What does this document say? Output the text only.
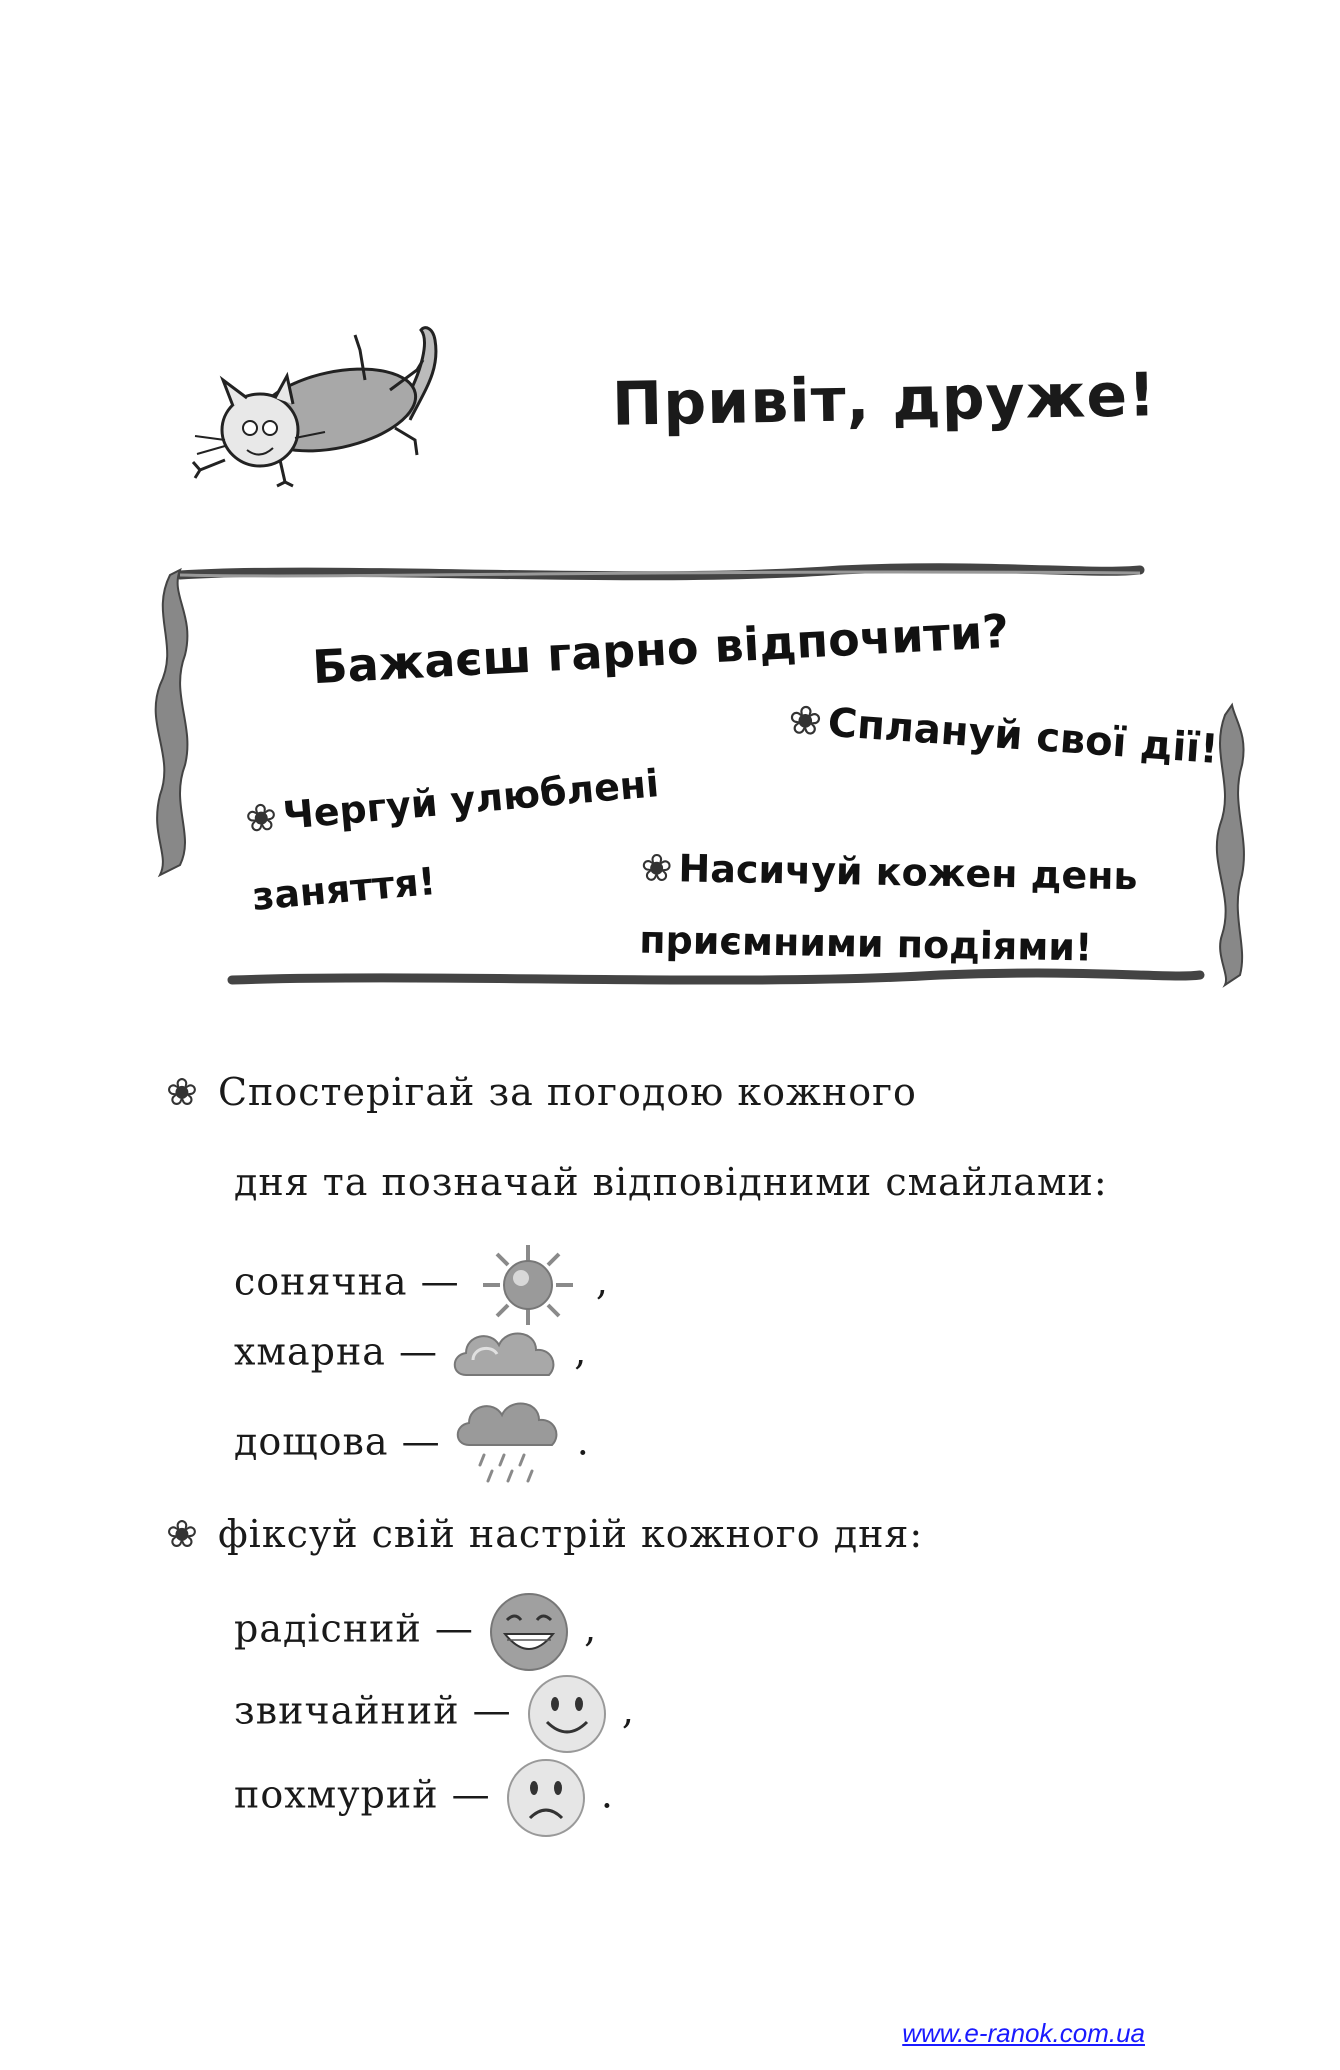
Привіт, друже!
Бажаєш гарно відпочити?
❀Чергуй улюблені
заняття!
❀Сплануй свої дії!
❀ Насичуй кожен день
приємними подіями!
❀ Спостерігай за погодою кожного
дня та позначай відповідними смайлами:
сонячна —	,
хмарна —	,
дощова —	.
❀ фіксуй свій настрій кожного дня:
радісний —	,
звичайний —	,
похмурий —	.
www.e-ranok.com.ua
